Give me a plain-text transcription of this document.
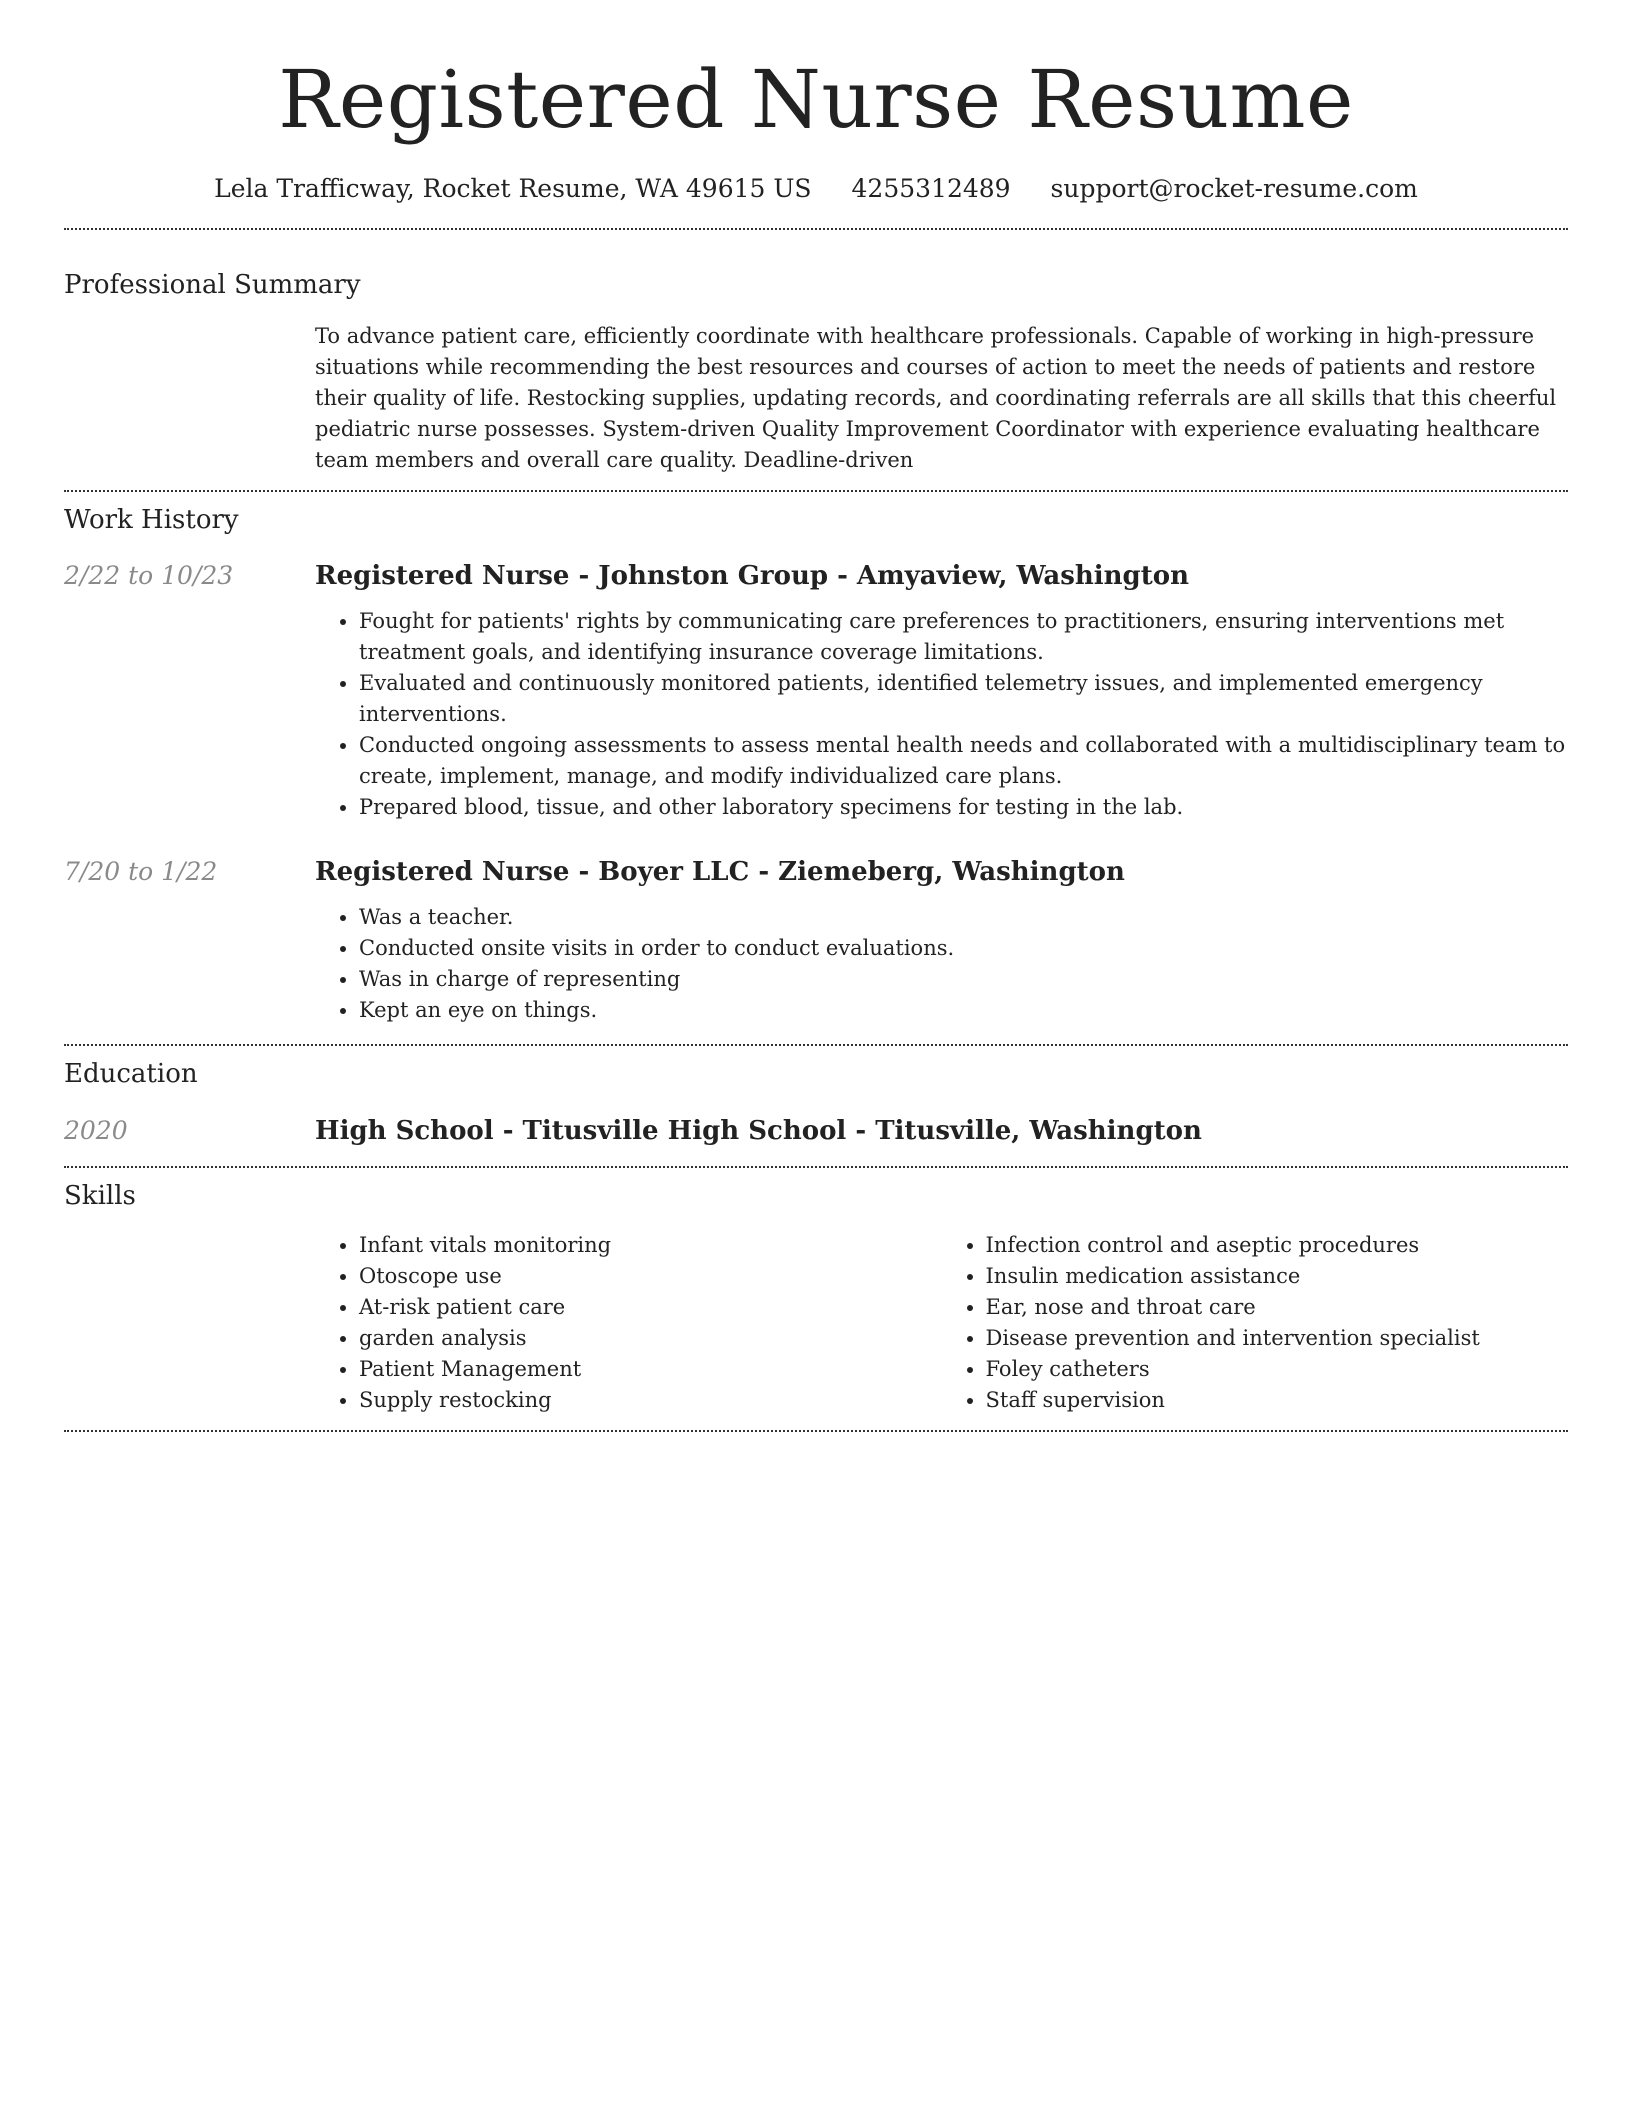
Registered Nurse Resume
Lela Trafficway, Rocket Resume, WA 49615 US 4255312489 support@rocket-resume.com
Professional Summary

To advance patient care, efficiently coordinate with healthcare professionals. Capable of working in high-pressure situations while recommending the best resources and courses of action to meet the needs of patients and restore their quality of life. Restocking supplies, updating records, and coordinating referrals are all skills that this cheerful pediatric nurse possesses. System-driven Quality Improvement Coordinator with experience evaluating healthcare team members and overall care quality. Deadline-driven

Work History
2/22 to 10/23	Registered Nurse - Johnston Group - Amyaview, Washington
• Fought for patients' rights by communicating care preferences to practitioners, ensuring interventions met treatment goals, and identifying insurance coverage limitations.
• Evaluated and continuously monitored patients, identified telemetry issues, and implemented emergency interventions.
• Conducted ongoing assessments to assess mental health needs and collaborated with a multidisciplinary team to create, implement, manage, and modify individualized care plans.
• Prepared blood, tissue, and other laboratory specimens for testing in the lab.
7/20 to 1/22	Registered Nurse - Boyer LLC - Ziemeberg, Washington
• Was a teacher.
• Conducted onsite visits in order to conduct evaluations.
• Was in charge of representing
• Kept an eye on things.
Education
2020	High School - Titusville High School - Titusville, Washington
Skills
• Infant vitals monitoring
• Otoscope use
• At-risk patient care
• garden analysis
• Patient Management
• Supply restocking
• Infection control and aseptic procedures
• Insulin medication assistance
• Ear, nose and throat care
• Disease prevention and intervention specialist
• Foley catheters
• Staff supervision
